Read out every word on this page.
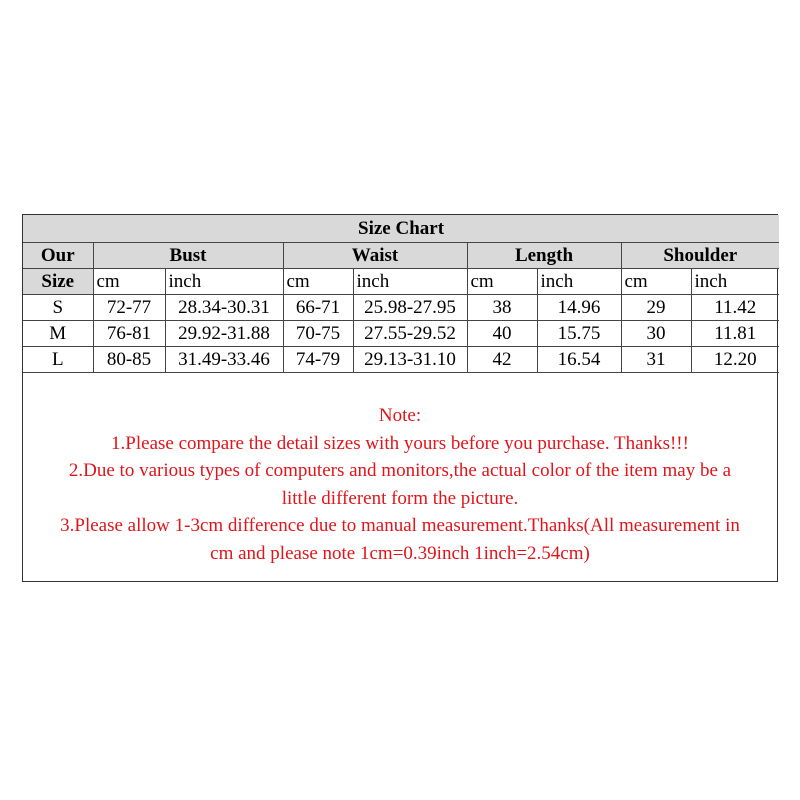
Size Chart								
Our	Bust		Waist		Length		Shoulder	
Size	cm	inch	cm	inch	cm	inch	cm	inch
S	72-77	28.34-30.31	66-71	25.98-27.95	38	14.96	29	11.42
M	76-81	29.92-31.88	70-75	27.55-29.52	40	15.75	30	11.81
L	80-85	31.49-33.46	74-79	29.13-31.10	42	16.54	31	12.20
Note:
1.Please compare the detail sizes with yours before you purchase. Thanks!!!
2.Due to various types of computers and monitors,the actual color of the item may be a
little different form the picture.
3.Please allow 1-3cm difference due to manual measurement.Thanks(All measurement in
cm and please note 1cm=0.39inch 1inch=2.54cm)
